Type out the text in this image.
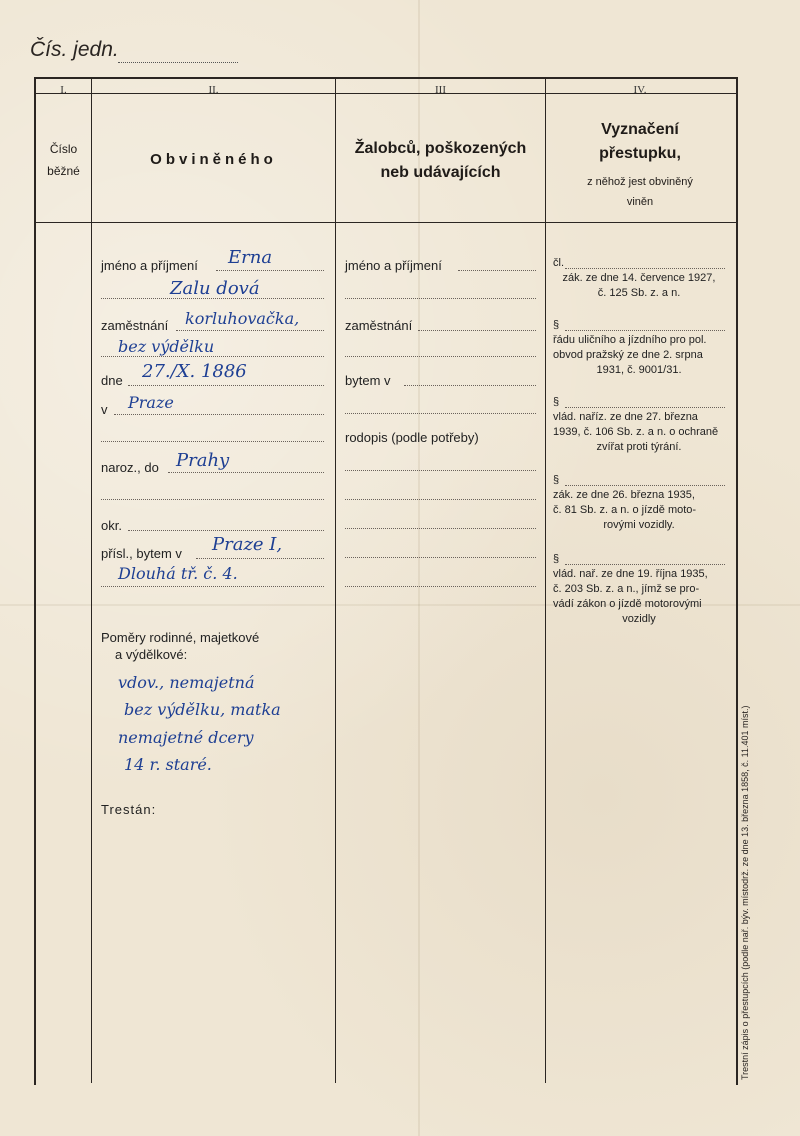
Čís. jedn.
I.	II.	III	IV.
Číslo
běžné
Obviněného
Žalobců, poškozených
neb udávajících
Vyznačení
přestupku,
z něhož jest obviněný
viněn
jméno a příjmení Erna
Zalu dová
zaměstnání korluhovačka,
bez výdělku
dne 27./X. 1886
v Praze
naroz., do Prahy
okr.
přísl., bytem v Praze I,
Dlouhá tř. č. 4.
Poměry rodinné, majetkové
a výdělkové:
vdov., nemajetná
bez výdělku, matka
nemajetné dcery
14 r. staré.
Trestán:
jméno a příjmení
zaměstnání
bytem v
rodopis (podle potřeby)
čl.
zák. ze dne 14. července 1927,
č. 125 Sb. z. a n.
§
řádu uličního a jízdního pro pol.
obvod pražský ze dne 2. srpna
1931, č. 9001/31.
§
vlád. naříz. ze dne 27. března
1939, č. 106 Sb. z. a n. o ochraně
zvířat proti týrání.
§
zák. ze dne 26. března 1935,
č. 81 Sb. z. a n. o jízdě moto-
rovými vozidly.
§
vlád. nař. ze dne 19. října 1935,
č. 203 Sb. z. a n., jímž se pro-
vádí zákon o jízdě motorovými
vozidly
Trestní zápis o přestupcích (podle nař. býv. místodrž. ze dne 13. března 1858, č. 11.401 míst.)
